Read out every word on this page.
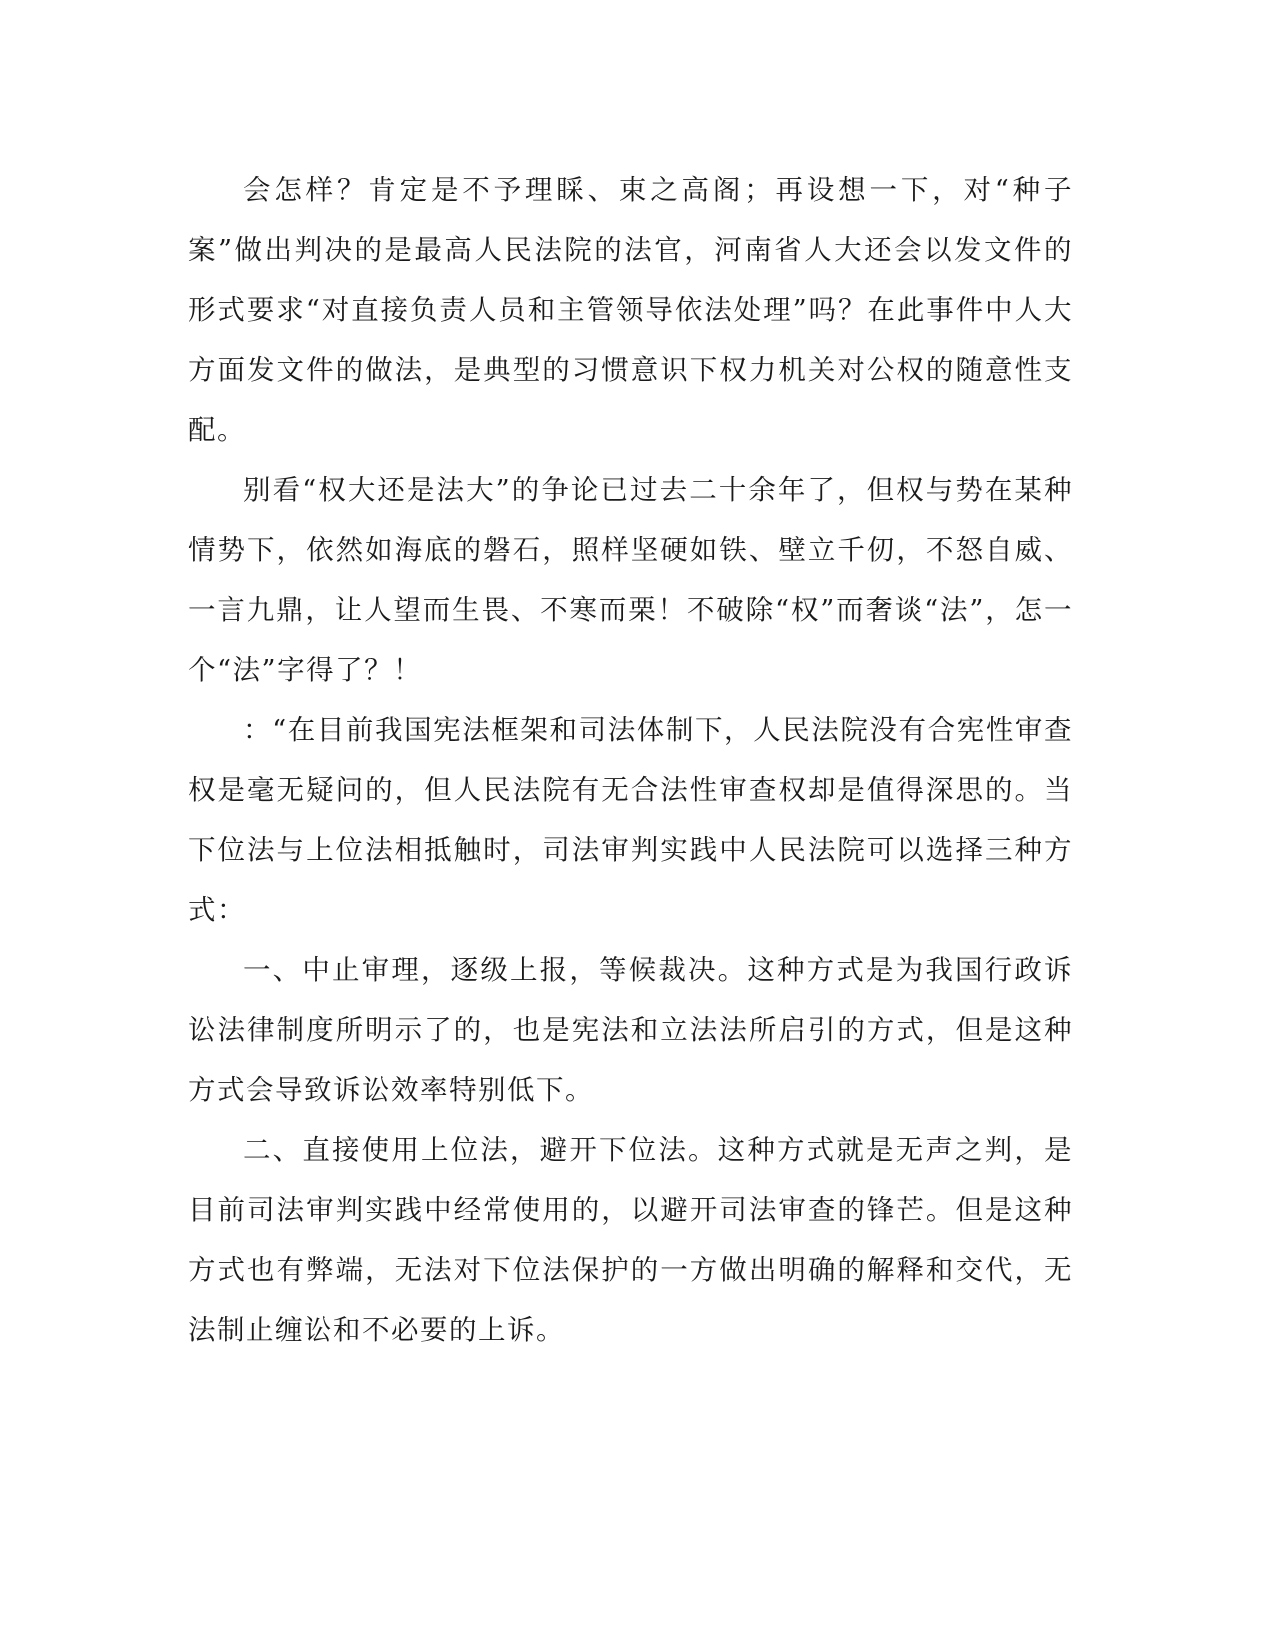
会怎样？肯定是不予理睬、束之高阁；再设想一下，对“种子案”做出判决的是最高人民法院的法官，河南省人大还会以发文件的形式要求“对直接负责人员和主管领导依法处理”吗？在此事件中人大方面发文件的做法，是典型的习惯意识下权力机关对公权的随意性支配。

别看“权大还是法大”的争论已过去二十余年了，但权与势在某种情势下，依然如海底的磐石，照样坚硬如铁、壁立千仞，不怒自威、一言九鼎，让人望而生畏、不寒而栗！不破除“权”而奢谈“法”，怎一个“法”字得了？！

：“在目前我国宪法框架和司法体制下，人民法院没有合宪性审查权是毫无疑问的，但人民法院有无合法性审查权却是值得深思的。当下位法与上位法相抵触时，司法审判实践中人民法院可以选择三种方式：

一、中止审理，逐级上报，等候裁决。这种方式是为我国行政诉讼法律制度所明示了的，也是宪法和立法法所启引的方式，但是这种方式会导致诉讼效率特别低下。

二、直接使用上位法，避开下位法。这种方式就是无声之判，是目前司法审判实践中经常使用的，以避开司法审查的锋芒。但是这种方式也有弊端，无法对下位法保护的一方做出明确的解释和交代，无法制止缠讼和不必要的上诉。
